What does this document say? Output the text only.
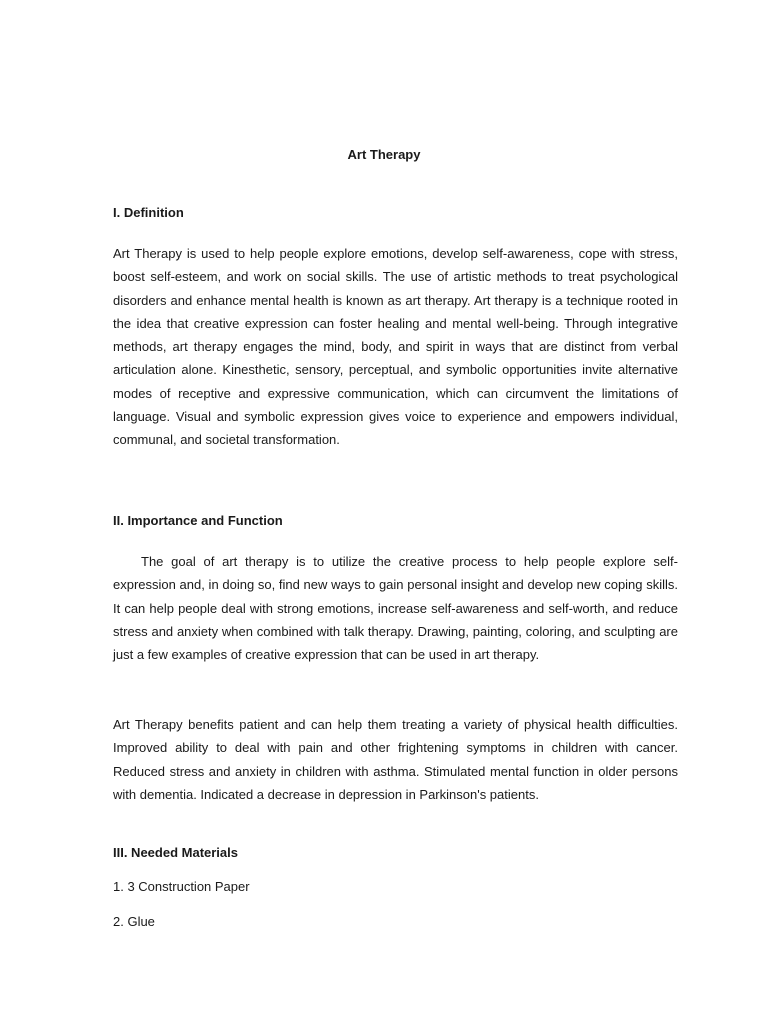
Art Therapy
I. Definition

Art Therapy is used to help people explore emotions, develop self-awareness, cope with stress, boost self-esteem, and work on social skills. The use of artistic methods to treat psychological disorders and enhance mental health is known as art therapy. Art therapy is a technique rooted in the idea that creative expression can foster healing and mental well-being. Through integrative methods, art therapy engages the mind, body, and spirit in ways that are distinct from verbal articulation alone. Kinesthetic, sensory, perceptual, and symbolic opportunities invite alternative modes of receptive and expressive communication, which can circumvent the limitations of language. Visual and symbolic expression gives voice to experience and empowers individual, communal, and societal transformation.

II. Importance and Function

The goal of art therapy is to utilize the creative process to help people explore self-expression and, in doing so, find new ways to gain personal insight and develop new coping skills. It can help people deal with strong emotions, increase self-awareness and self-worth, and reduce stress and anxiety when combined with talk therapy. Drawing, painting, coloring, and sculpting are just a few examples of creative expression that can be used in art therapy.

Art Therapy benefits patient and can help them treating a variety of physical health difficulties. Improved ability to deal with pain and other frightening symptoms in children with cancer. Reduced stress and anxiety in children with asthma. Stimulated mental function in older persons with dementia. Indicated a decrease in depression in Parkinson's patients.

III. Needed Materials
1. 3 Construction Paper
2. Glue
